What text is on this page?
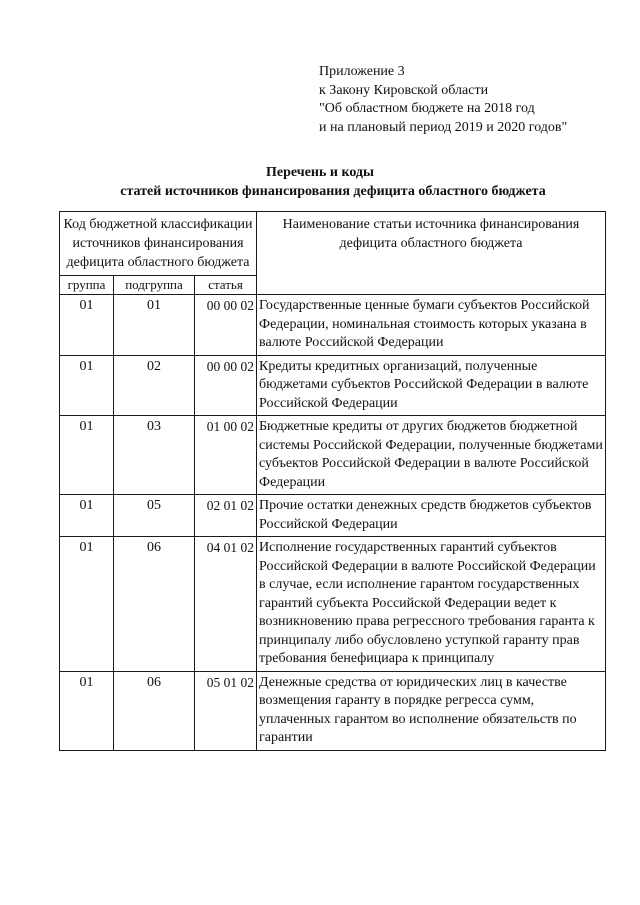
Приложение 3
к Закону Кировской области
"Об областном бюджете на 2018 год
и на плановый период 2019 и 2020 годов"
Перечень и коды
статей источников финансирования дефицита областного бюджета
Код бюджетной классификации источников финансирования дефицита областного бюджета			Наименование статьи источника финансирования дефицита областного бюджета
группа	подгруппа	статья	
01	01	00 00 02	Государственные ценные бумаги субъектов Российской Федерации, номинальная стоимость которых указана в валюте Российской Федерации
01	02	00 00 02	Кредиты кредитных организаций, полученные бюджетами субъектов Российской Федерации в валюте Российской Федерации
01	03	01 00 02	Бюджетные кредиты от других бюджетов бюджетной системы Российской Федерации, полученные бюджетами субъектов Российской Федерации в валюте Российской Федерации
01	05	02 01 02	Прочие остатки денежных средств бюджетов субъектов Российской Федерации
01	06	04 01 02	Исполнение государственных гарантий субъектов Российской Федерации в валюте Российской Федерации в случае, если исполнение гарантом государственных гарантий субъекта Российской Федерации ведет к возникновению права регрессного требования гаранта к принципалу либо обусловлено уступкой гаранту прав требования бенефициара к принципалу
01	06	05 01 02	Денежные средства от юридических лиц в качестве возмещения гаранту в порядке регресса сумм, уплаченных гарантом во исполнение обязательств по гарантии
